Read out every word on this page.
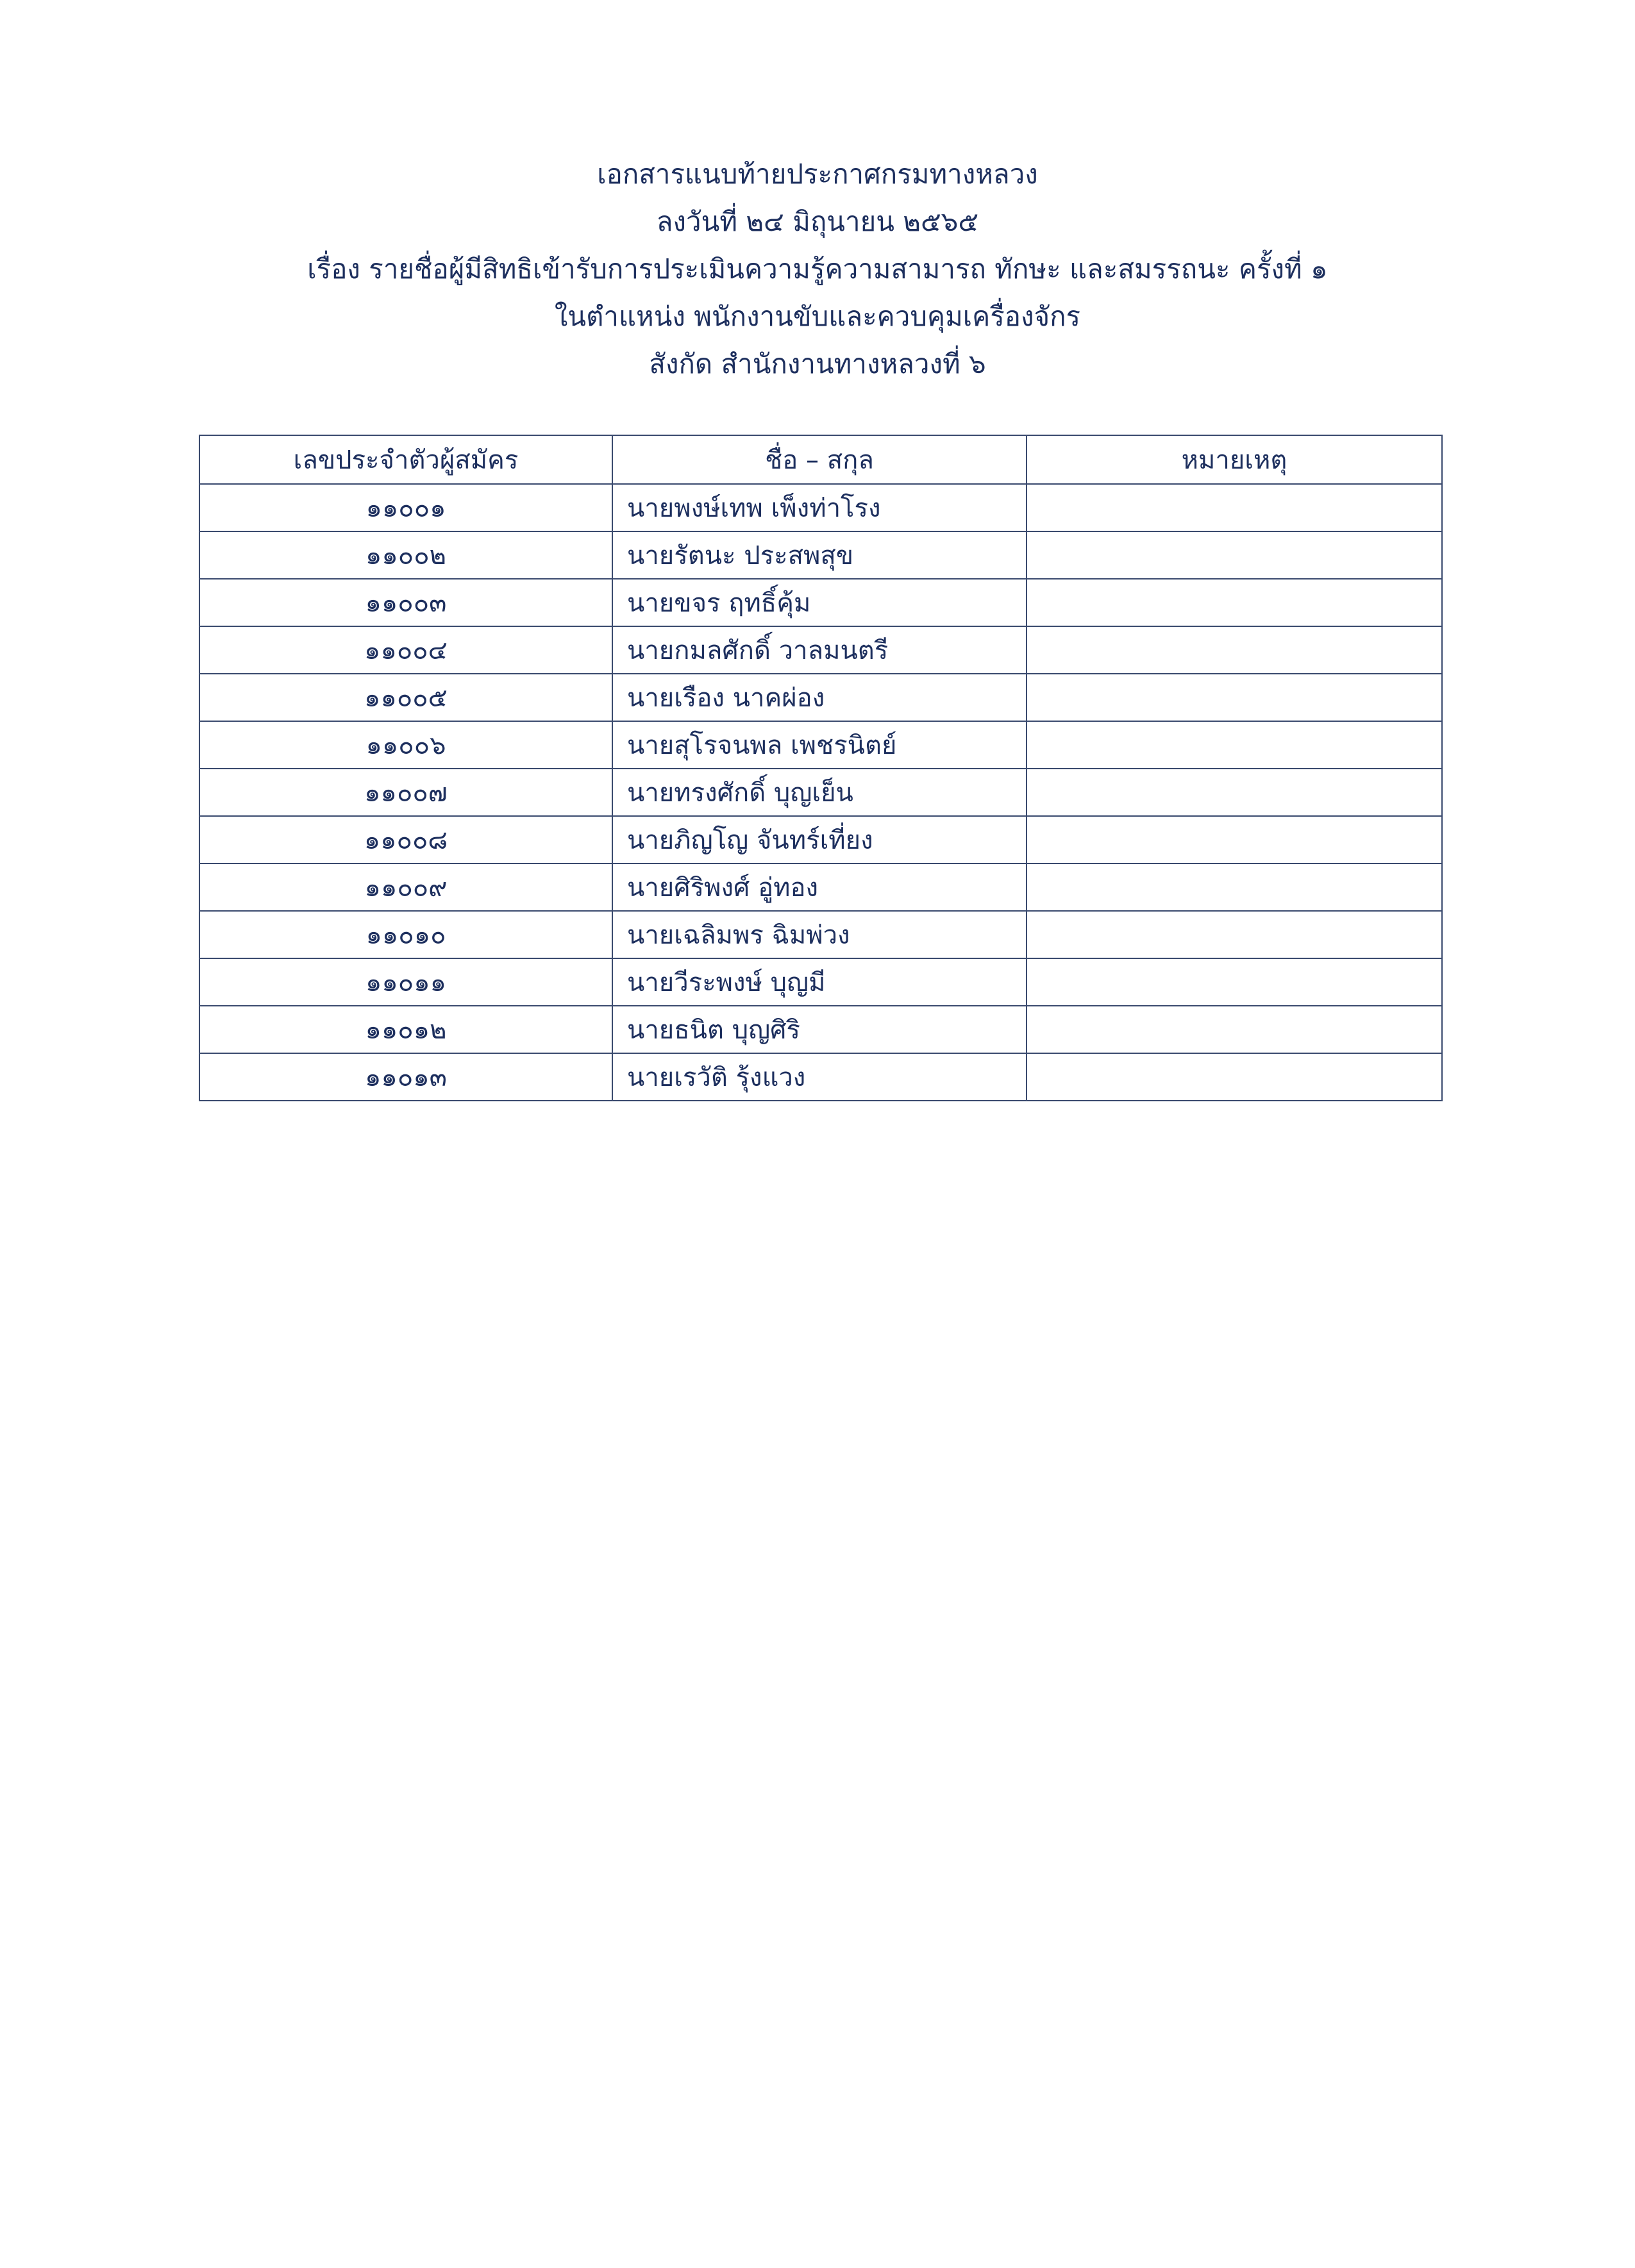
เอกสารแนบท้ายประกาศกรมทางหลวง
ลงวันที่ ๒๔ มิถุนายน ๒๕๖๕
เรื่อง รายชื่อผู้มีสิทธิเข้ารับการประเมินความรู้ความสามารถ ทักษะ และสมรรถนะ ครั้งที่ ๑
ในตำแหน่ง พนักงานขับและควบคุมเครื่องจักร
สังกัด สำนักงานทางหลวงที่ ๖
เลขประจำตัวผู้สมัคร	ชื่อ – สกุล	หมายเหตุ
๑๑๐๐๑	นายพงษ์เทพ เพ็งท่าโรง	
๑๑๐๐๒	นายรัตนะ ประสพสุข	
๑๑๐๐๓	นายขจร ฤทธิ์คุ้ม	
๑๑๐๐๔	นายกมลศักดิ์ วาลมนตรี	
๑๑๐๐๕	นายเรือง นาคผ่อง	
๑๑๐๐๖	นายสุโรจนพล เพชรนิตย์	
๑๑๐๐๗	นายทรงศักดิ์ บุญเย็น	
๑๑๐๐๘	นายภิญโญ จันทร์เที่ยง	
๑๑๐๐๙	นายศิริพงศ์ อู่ทอง	
๑๑๐๑๐	นายเฉลิมพร ฉิมพ่วง	
๑๑๐๑๑	นายวีระพงษ์ บุญมี	
๑๑๐๑๒	นายธนิต บุญศิริ	
๑๑๐๑๓	นายเรวัติ รุ้งแวง	
